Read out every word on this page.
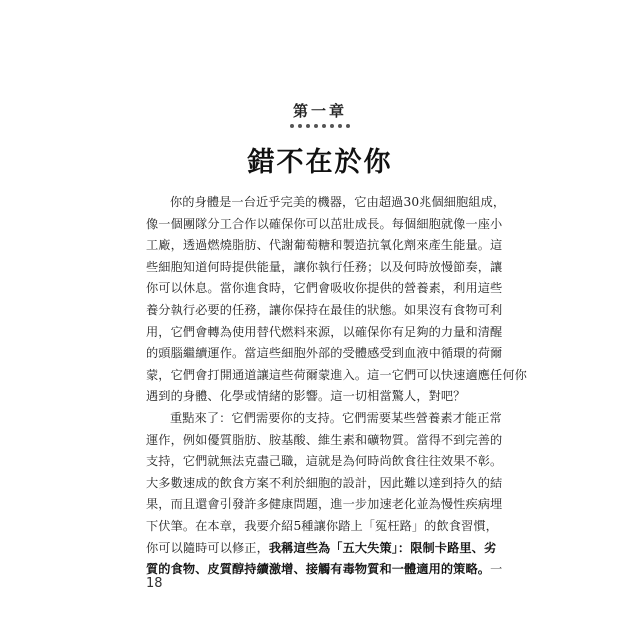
第一章
錯不在於你
你的身體是一台近乎完美的機器，它由超過30兆個細胞組成，
像一個團隊分工合作以確保你可以茁壯成長。每個細胞就像一座小
工廠，透過燃燒脂肪、代謝葡萄糖和製造抗氧化劑來產生能量。這
些細胞知道何時提供能量，讓你執行任務；以及何時放慢節奏，讓
你可以休息。當你進食時，它們會吸收你提供的營養素，利用這些
養分執行必要的任務，讓你保持在最佳的狀態。如果沒有食物可利
用，它們會轉為使用替代燃料來源，以確保你有足夠的力量和清醒
的頭腦繼續運作。當這些細胞外部的受體感受到血液中循環的荷爾
蒙，它們會打開通道讓這些荷爾蒙進入。這一它們可以快速適應任何你
遇到的身體、化學或情緒的影響。這一切相當驚人，對吧？
重點來了：它們需要你的支持。它們需要某些營養素才能正常
運作，例如優質脂肪、胺基酸、維生素和礦物質。當得不到完善的
支持，它們就無法克盡己職，這就是為何時尚飲食往往效果不彰。
大多數速成的飲食方案不利於細胞的設計，因此難以達到持久的結
果，而且還會引發許多健康問題，進一步加速老化並為慢性疾病埋
下伏筆。在本章，我要介紹5種讓你踏上「冤枉路」的飲食習慣，
你可以隨時可以修正，我稱這些為「五大失策」：限制卡路里、劣
質的食物、皮質醇持續激增、接觸有毒物質和一體適用的策略。一
18
